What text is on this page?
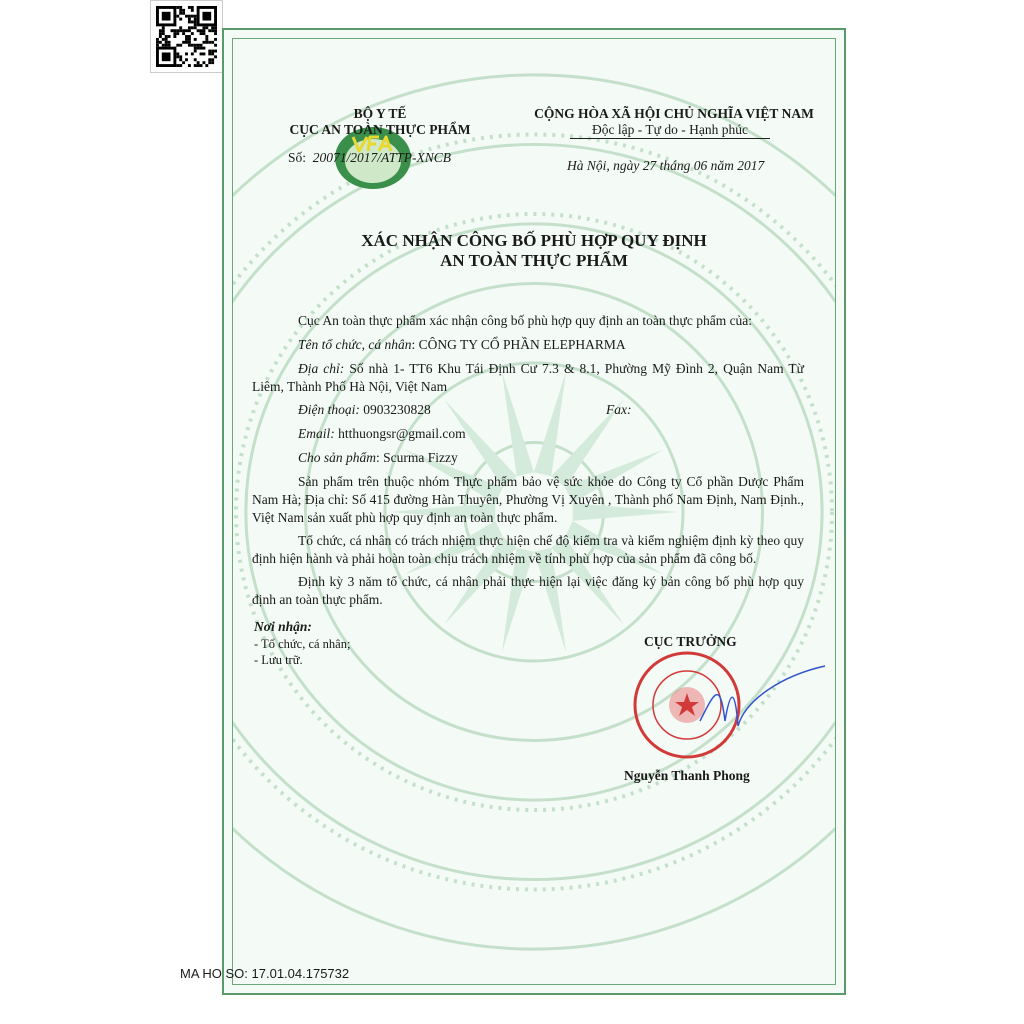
BỘ Y TẾ
CỤC AN TOÀN THỰC PHẨM
Số: 20071/2017/ATTP-XNCB
CỘNG HÒA XÃ HỘI CHỦ NGHĨA VIỆT NAM
Độc lập - Tự do - Hạnh phúc
Hà Nội, ngày 27 tháng 06 năm 2017
XÁC NHẬN CÔNG BỐ PHÙ HỢP QUY ĐỊNH
AN TOÀN THỰC PHẨM
Cục An toàn thực phẩm xác nhận công bố phù hợp quy định an toàn thực phẩm của:
Tên tổ chức, cá nhân: CÔNG TY CỔ PHẦN ELEPHARMA
Địa chỉ: Số nhà 1- TT6 Khu Tái Định Cư 7.3 & 8.1, Phường Mỹ Đình 2, Quận Nam Từ Liêm, Thành Phố Hà Nội, Việt Nam
Điện thoại: 0903230828	Fax:
Email: htthuongsr@gmail.com
Cho sản phẩm: Scurma Fizzy
Sản phẩm trên thuộc nhóm Thực phẩm bảo vệ sức khỏe do Công ty Cổ phần Dược Phẩm Nam Hà; Địa chỉ: Số 415 đường Hàn Thuyên, Phường Vị Xuyên , Thành phố Nam Định, Nam Định., Việt Nam sản xuất phù hợp quy định an toàn thực phẩm.
Tổ chức, cá nhân có trách nhiệm thực hiện chế độ kiểm tra và kiểm nghiệm định kỳ theo quy định hiện hành và phải hoàn toàn chịu trách nhiệm về tính phù hợp của sản phẩm đã công bố.
Định kỳ 3 năm tổ chức, cá nhân phải thực hiện lại việc đăng ký bản công bố phù hợp quy định an toàn thực phẩm.
Nơi nhận:
- Tổ chức, cá nhân;
- Lưu trữ.
CỤC TRƯỞNG
Nguyễn Thanh Phong
MA HO SO: 17.01.04.175732
